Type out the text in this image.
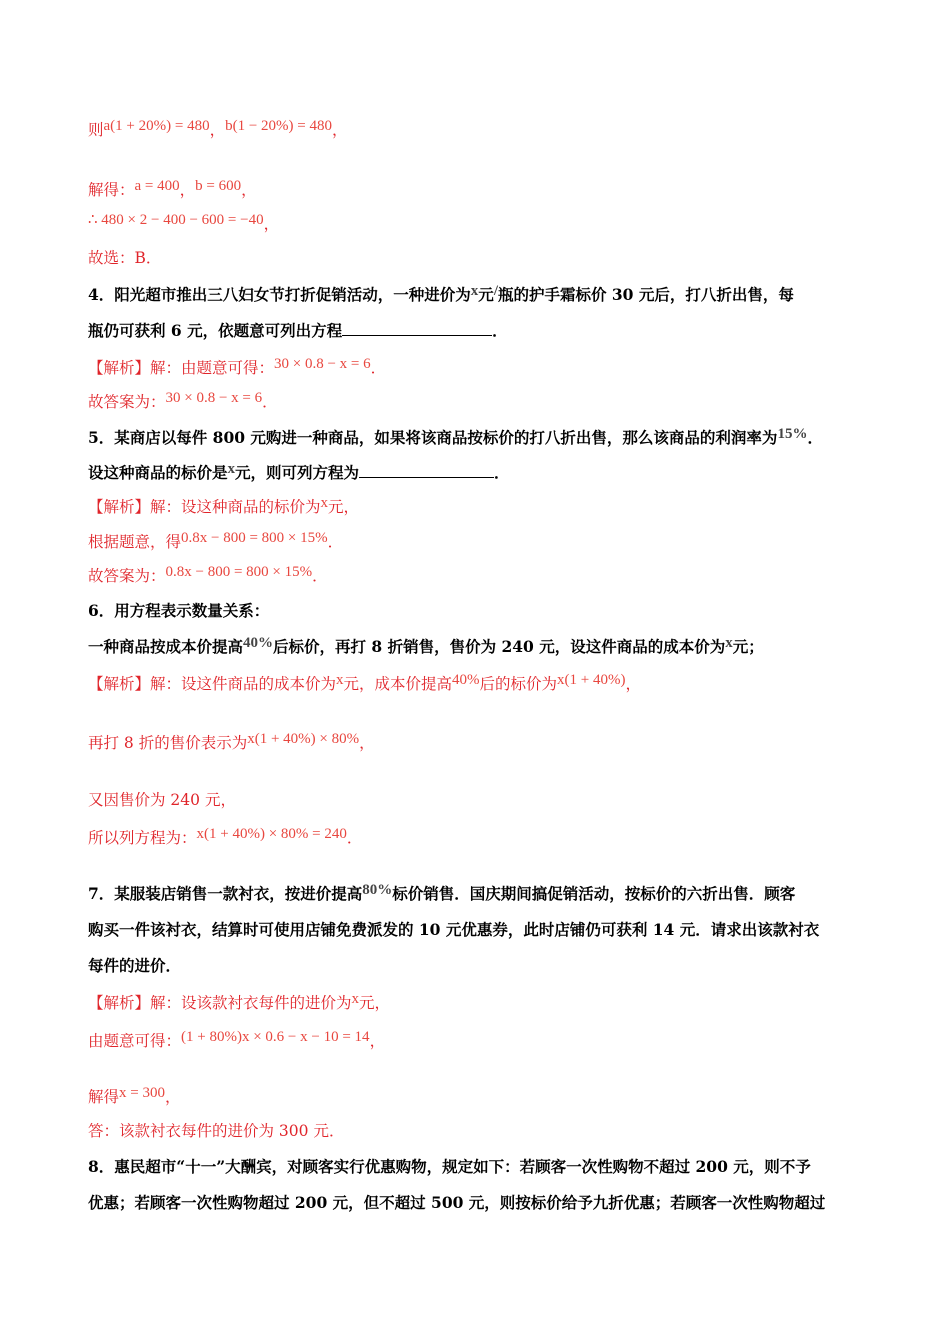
则a(1 + 20%) = 480，b(1 − 20%) = 480，
解得：a = 400，b = 600，
∴ 480 × 2 − 400 − 600 = −40，
故选：B．
4．阳光超市推出三八妇女节打折促销活动，一种进价为x元/瓶的护手霜标价 30 元后，打八折出售，每
瓶仍可获利 6 元，依题意可列出方程	．
【解析】解：由题意可得：30 × 0.8 − x = 6．
故答案为：30 × 0.8 − x = 6．
5．某商店以每件 800 元购进一种商品，如果将该商品按标价的打八折出售，那么该商品的利润率为15%．
设这种商品的标价是x元，则可列方程为	．
【解析】解：设这种商品的标价为x元，
根据题意，得0.8x − 800 = 800 × 15%．
故答案为：0.8x − 800 = 800 × 15%．
6．用方程表示数量关系：
一种商品按成本价提高40%后标价，再打 8 折销售，售价为 240 元，设这件商品的成本价为x元；
【解析】解：设这件商品的成本价为x元，成本价提高40%后的标价为x(1 + 40%)，
再打 8 折的售价表示为x(1 + 40%) × 80%，
又因售价为 240 元，
所以列方程为：x(1 + 40%) × 80% = 240．
7．某服装店销售一款衬衣，按进价提高80%标价销售．国庆期间搞促销活动，按标价的六折出售．顾客
购买一件该衬衣，结算时可使用店铺免费派发的 10 元优惠券，此时店铺仍可获利 14 元．请求出该款衬衣
每件的进价．
【解析】解：设该款衬衣每件的进价为x元，
由题意可得：(1 + 80%)x × 0.6 − x − 10 = 14，
解得x = 300，
答：该款衬衣每件的进价为 300 元．
8．惠民超市“十一”大酬宾，对顾客实行优惠购物，规定如下：若顾客一次性购物不超过 200 元，则不予
优惠；若顾客一次性购物超过 200 元，但不超过 500 元，则按标价给予九折优惠；若顾客一次性购物超过
